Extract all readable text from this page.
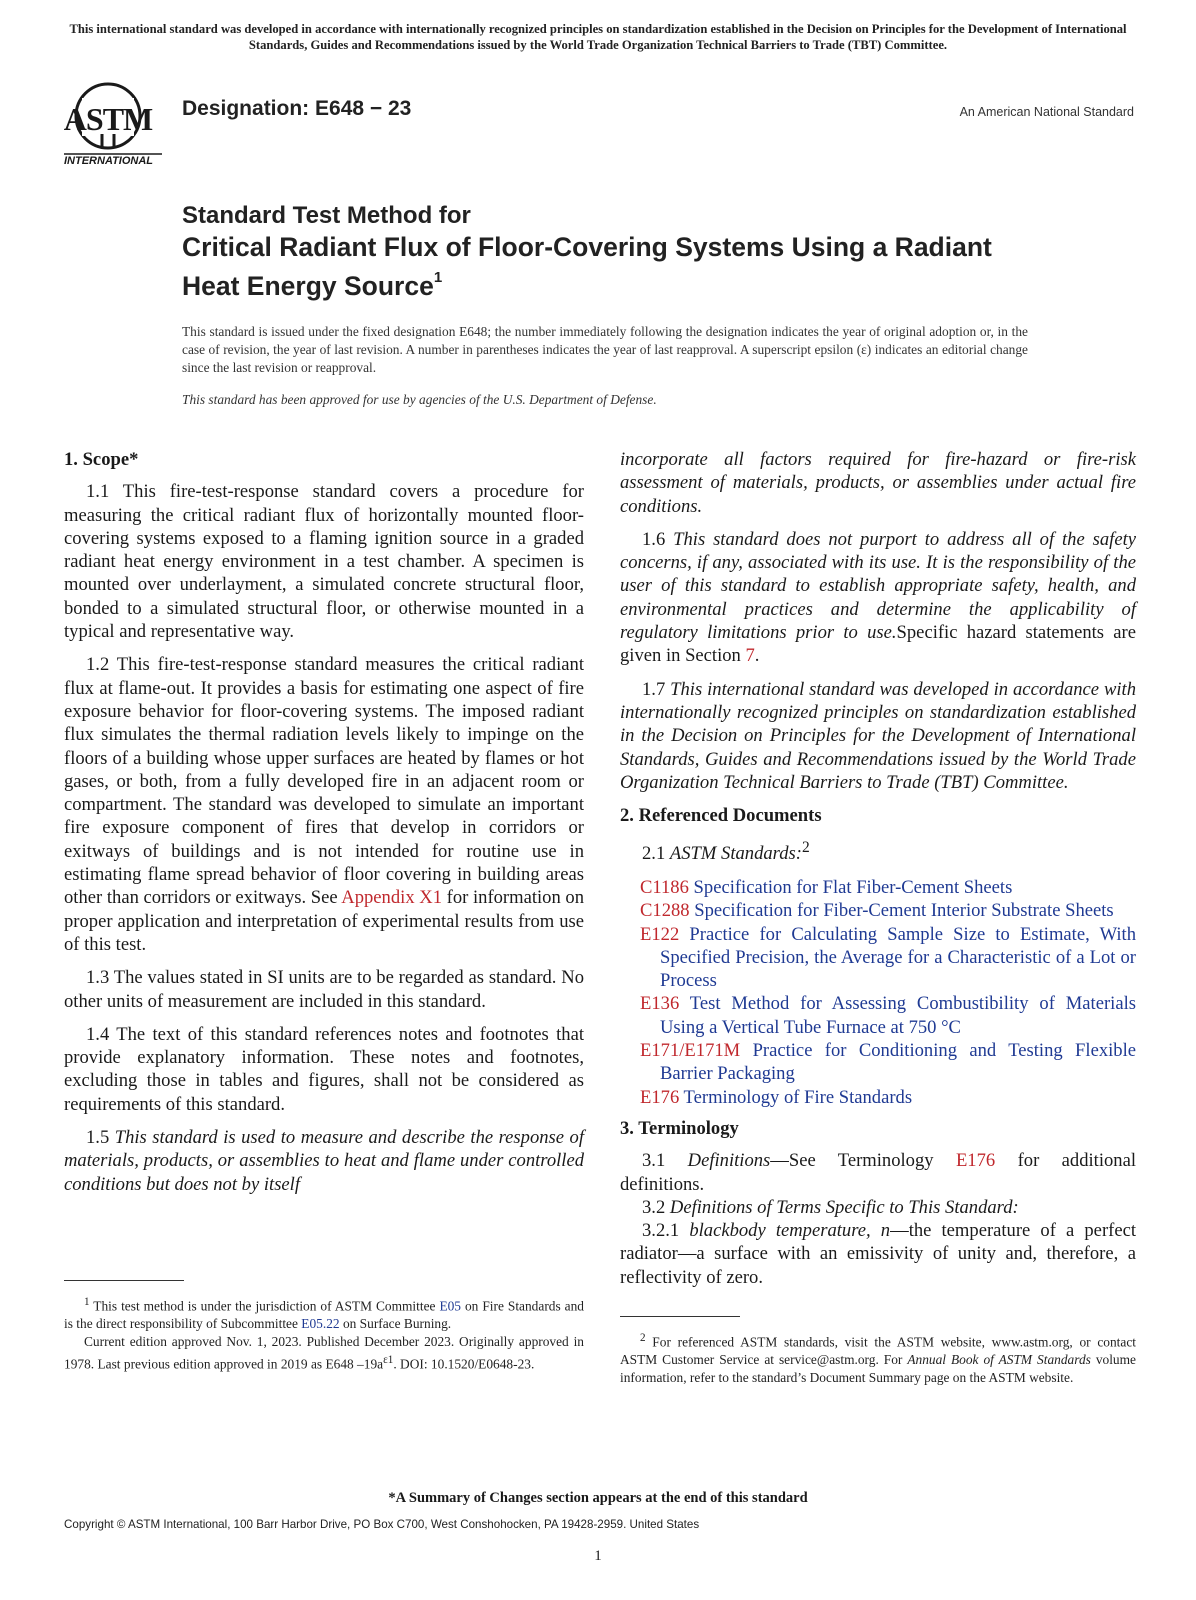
This international standard was developed in accordance with internationally recognized principles on standardization established in the Decision on Principles for the Development of International Standards, Guides and Recommendations issued by the World Trade Organization Technical Barriers to Trade (TBT) Committee.
ASTM
INTERNATIONAL
Designation: E648 − 23	An American National Standard
Standard Test Method for
Critical Radiant Flux of Floor-Covering Systems Using a Radiant Heat Energy Source$^1$
This standard is issued under the fixed designation E648; the number immediately following the designation indicates the year of original adoption or, in the case of revision, the year of last revision. A number in parentheses indicates the year of last reapproval. A superscript epsilon (ε) indicates an editorial change since the last revision or reapproval.
This standard has been approved for use by agencies of the U.S. Department of Defense.
1. Scope*

1.1 This fire-test-response standard covers a procedure for measuring the critical radiant flux of horizontally mounted floor-covering systems exposed to a flaming ignition source in a graded radiant heat energy environment in a test chamber. A specimen is mounted over underlayment, a simulated concrete structural floor, bonded to a simulated structural floor, or otherwise mounted in a typical and representative way.

1.2 This fire-test-response standard measures the critical radiant flux at flame-out. It provides a basis for estimating one aspect of fire exposure behavior for floor-covering systems. The imposed radiant flux simulates the thermal radiation levels likely to impinge on the floors of a building whose upper surfaces are heated by flames or hot gases, or both, from a fully developed fire in an adjacent room or compartment. The standard was developed to simulate an important fire exposure component of fires that develop in corridors or exitways of buildings and is not intended for routine use in estimating flame spread behavior of floor covering in building areas other than corridors or exitways. See Appendix X1 for information on proper application and interpretation of experimental results from use of this test.

1.3 The values stated in SI units are to be regarded as standard. No other units of measurement are included in this standard.

1.4 The text of this standard references notes and footnotes that provide explanatory information. These notes and footnotes, excluding those in tables and figures, shall not be considered as requirements of this standard.

1.5 This standard is used to measure and describe the response of materials, products, or assemblies to heat and flame under controlled conditions but does not by itself

incorporate all factors required for fire-hazard or fire-risk assessment of materials, products, or assemblies under actual fire conditions.

1.6 This standard does not purport to address all of the safety concerns, if any, associated with its use. It is the responsibility of the user of this standard to establish appropriate safety, health, and environmental practices and determine the applicability of regulatory limitations prior to use.Specific hazard statements are given in Section 7.

1.7 This international standard was developed in accordance with internationally recognized principles on standardization established in the Decision on Principles for the Development of International Standards, Guides and Recommendations issued by the World Trade Organization Technical Barriers to Trade (TBT) Committee.

2. Referenced Documents

2.1 ASTM Standards:$^2$

C1186 Specification for Flat Fiber-Cement Sheets
C1288 Specification for Fiber-Cement Interior Substrate Sheets
E122 Practice for Calculating Sample Size to Estimate, With Specified Precision, the Average for a Characteristic of a Lot or Process
E136 Test Method for Assessing Combustibility of Materials Using a Vertical Tube Furnace at 750 °C
E171/E171M Practice for Conditioning and Testing Flexible Barrier Packaging
E176 Terminology of Fire Standards
3. Terminology

3.1 Definitions—See Terminology E176 for additional definitions.

3.2 Definitions of Terms Specific to This Standard:

3.2.1 blackbody temperature, n—the temperature of a perfect radiator—a surface with an emissivity of unity and, therefore, a reflectivity of zero.

$^1$ This test method is under the jurisdiction of ASTM Committee E05 on Fire Standards and is the direct responsibility of Subcommittee E05.22 on Surface Burning.

Current edition approved Nov. 1, 2023. Published December 2023. Originally approved in 1978. Last previous edition approved in 2019 as E648 $-19a^{\varepsilon 1}$. DOI: 10.1520/E0648-23.

$^2$ For referenced ASTM standards, visit the ASTM website, www.astm.org, or contact ASTM Customer Service at service@astm.org. For Annual Book of ASTM Standards volume information, refer to the standard’s Document Summary page on the ASTM website.

*A Summary of Changes section appears at the end of this standard
Copyright © ASTM International, 100 Barr Harbor Drive, PO Box C700, West Conshohocken, PA 19428-2959. United States
1
